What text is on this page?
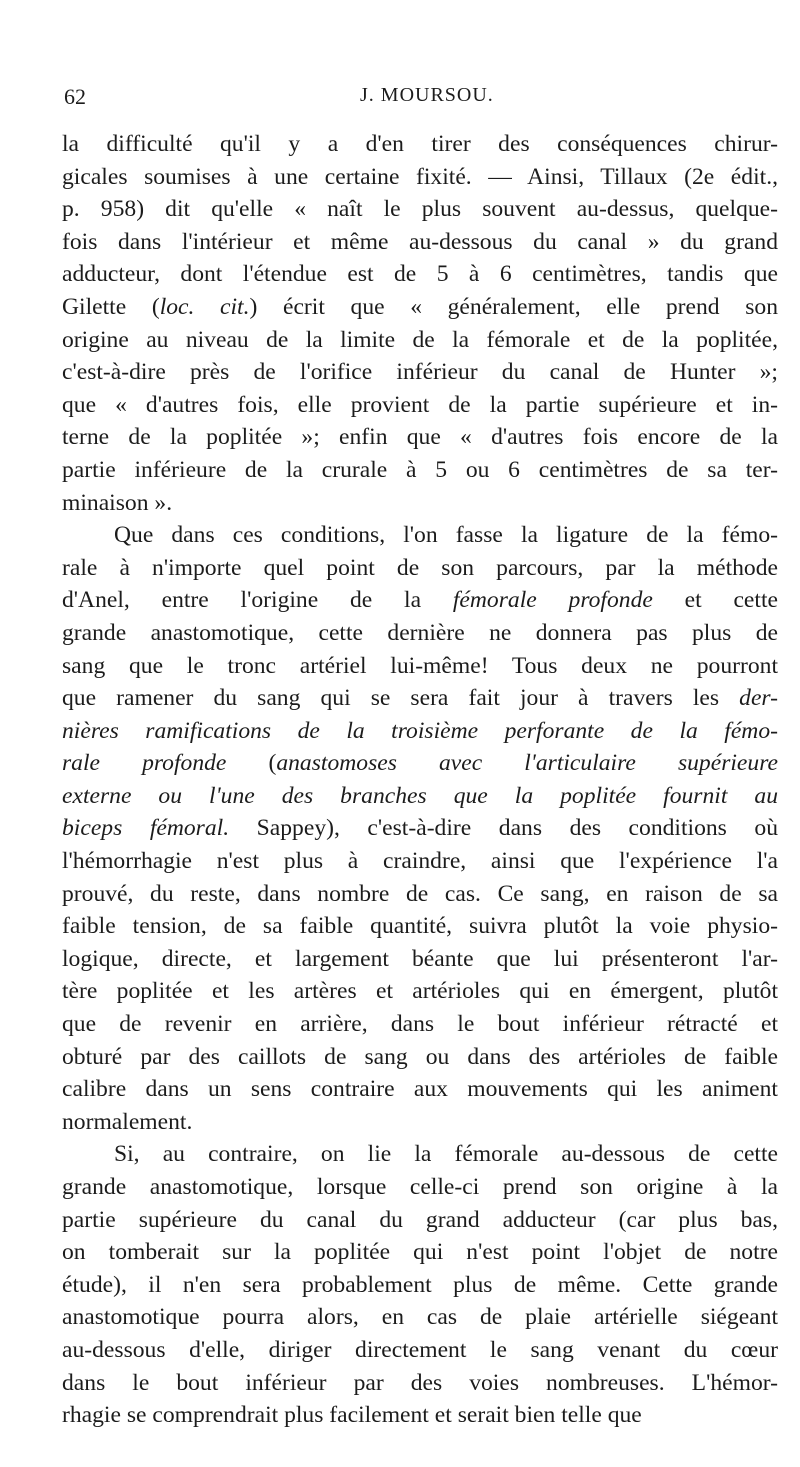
62	J. MOURSOU.
la difficulté qu'il y a d'en tirer des conséquences chirur-
gicales soumises à une certaine fixité. — Ainsi, Tillaux (2e édit.,
p. 958) dit qu'elle « naît le plus souvent au-dessus, quelque-
fois dans l'intérieur et même au-dessous du canal » du grand
adducteur, dont l'étendue est de 5 à 6 centimètres, tandis que
Gilette (loc. cit.) écrit que « généralement, elle prend son
origine au niveau de la limite de la fémorale et de la poplitée,
c'est-à-dire près de l'orifice inférieur du canal de Hunter »;
que « d'autres fois, elle provient de la partie supérieure et in-
terne de la poplitée »; enfin que « d'autres fois encore de la
partie inférieure de la crurale à 5 ou 6 centimètres de sa ter-
minaison ».
Que dans ces conditions, l'on fasse la ligature de la fémo-
rale à n'importe quel point de son parcours, par la méthode
d'Anel, entre l'origine de la fémorale profonde et cette
grande anastomotique, cette dernière ne donnera pas plus de
sang que le tronc artériel lui-même! Tous deux ne pourront
que ramener du sang qui se sera fait jour à travers les der-
nières ramifications de la troisième perforante de la fémo-
rale profonde (anastomoses avec l'articulaire supérieure
externe ou l'une des branches que la poplitée fournit au
biceps fémoral. Sappey), c'est-à-dire dans des conditions où
l'hémorrhagie n'est plus à craindre, ainsi que l'expérience l'a
prouvé, du reste, dans nombre de cas. Ce sang, en raison de sa
faible tension, de sa faible quantité, suivra plutôt la voie physio-
logique, directe, et largement béante que lui présenteront l'ar-
tère poplitée et les artères et artérioles qui en émergent, plutôt
que de revenir en arrière, dans le bout inférieur rétracté et
obturé par des caillots de sang ou dans des artérioles de faible
calibre dans un sens contraire aux mouvements qui les animent
normalement.
Si, au contraire, on lie la fémorale au-dessous de cette
grande anastomotique, lorsque celle-ci prend son origine à la
partie supérieure du canal du grand adducteur (car plus bas,
on tomberait sur la poplitée qui n'est point l'objet de notre
étude), il n'en sera probablement plus de même. Cette grande
anastomotique pourra alors, en cas de plaie artérielle siégeant
au-dessous d'elle, diriger directement le sang venant du cœur
dans le bout inférieur par des voies nombreuses. L'hémor-
rhagie se comprendrait plus facilement et serait bien telle que
